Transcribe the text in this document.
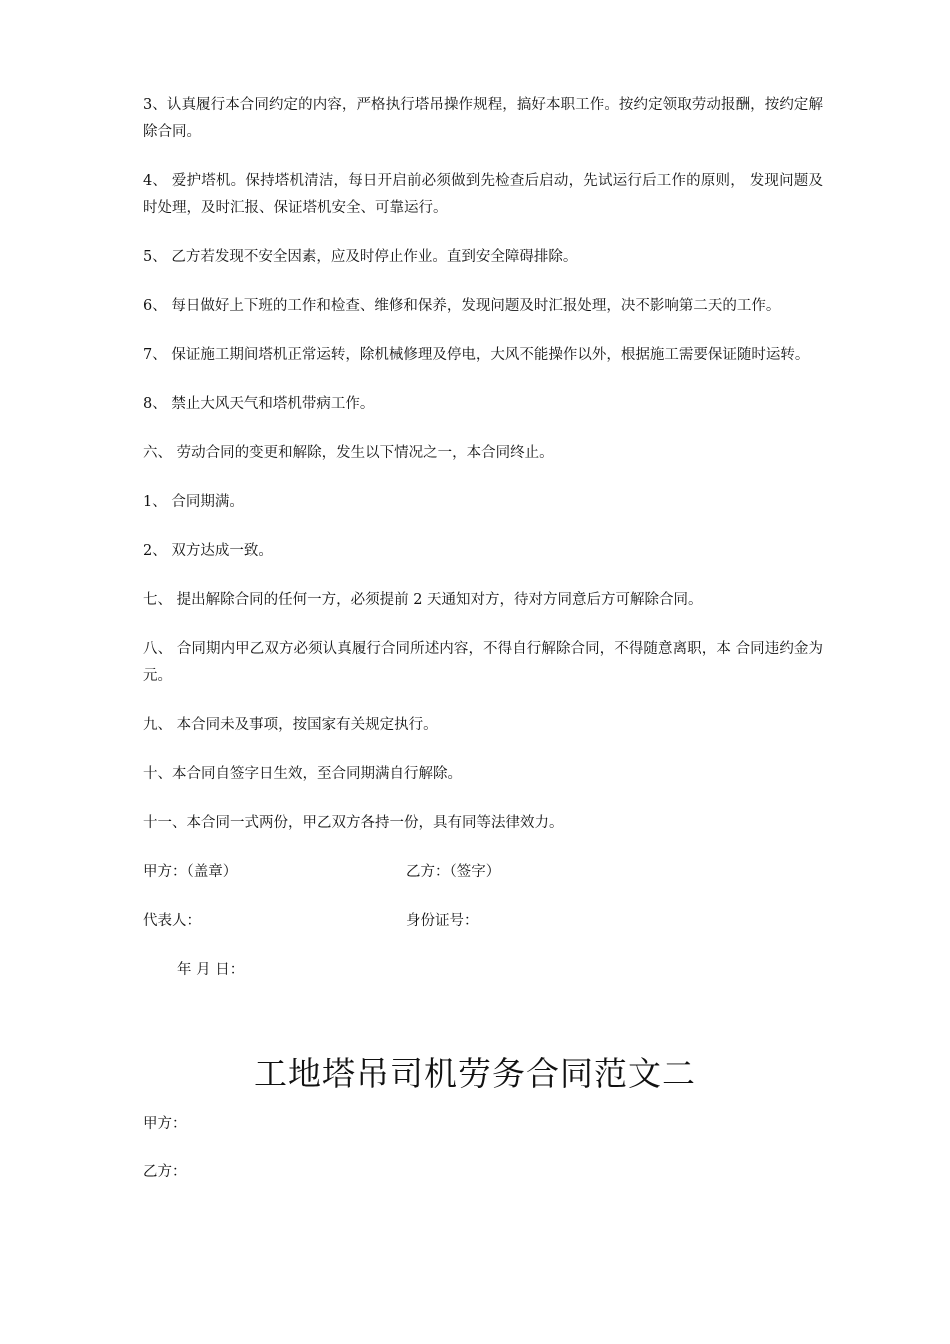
3、认真履行本合同约定的内容，严格执行塔吊操作规程，搞好本职工作。按约定领取劳动报酬，按约定解除合同。

4、 爱护塔机。保持塔机清洁，每日开启前必须做到先检查后启动，先试运行后工作的原则， 发现问题及时处理，及时汇报、保证塔机安全、可靠运行。

5、 乙方若发现不安全因素，应及时停止作业。直到安全障碍排除。

6、 每日做好上下班的工作和检查、维修和保养，发现问题及时汇报处理，决不影响第二天的工作。

7、 保证施工期间塔机正常运转，除机械修理及停电，大风不能操作以外，根据施工需要保证随时运转。

8、 禁止大风天气和塔机带病工作。

六、 劳动合同的变更和解除，发生以下情况之一，本合同终止。

1、 合同期满。

2、 双方达成一致。

七、 提出解除合同的任何一方，必须提前 2 天通知对方，待对方同意后方可解除合同。

八、 合同期内甲乙双方必须认真履行合同所述内容，不得自行解除合同，不得随意离职，本 合同违约金为元。

九、 本合同未及事项，按国家有关规定执行。

十、本合同自签字日生效，至合同期满自行解除。

十一、本合同一式两份，甲乙双方各持一份，具有同等法律效力。

甲方：（盖章）	乙方：（签字）
代表人：	身份证号：
年 月 日：
工地塔吊司机劳务合同范文二
甲方：
乙方：
